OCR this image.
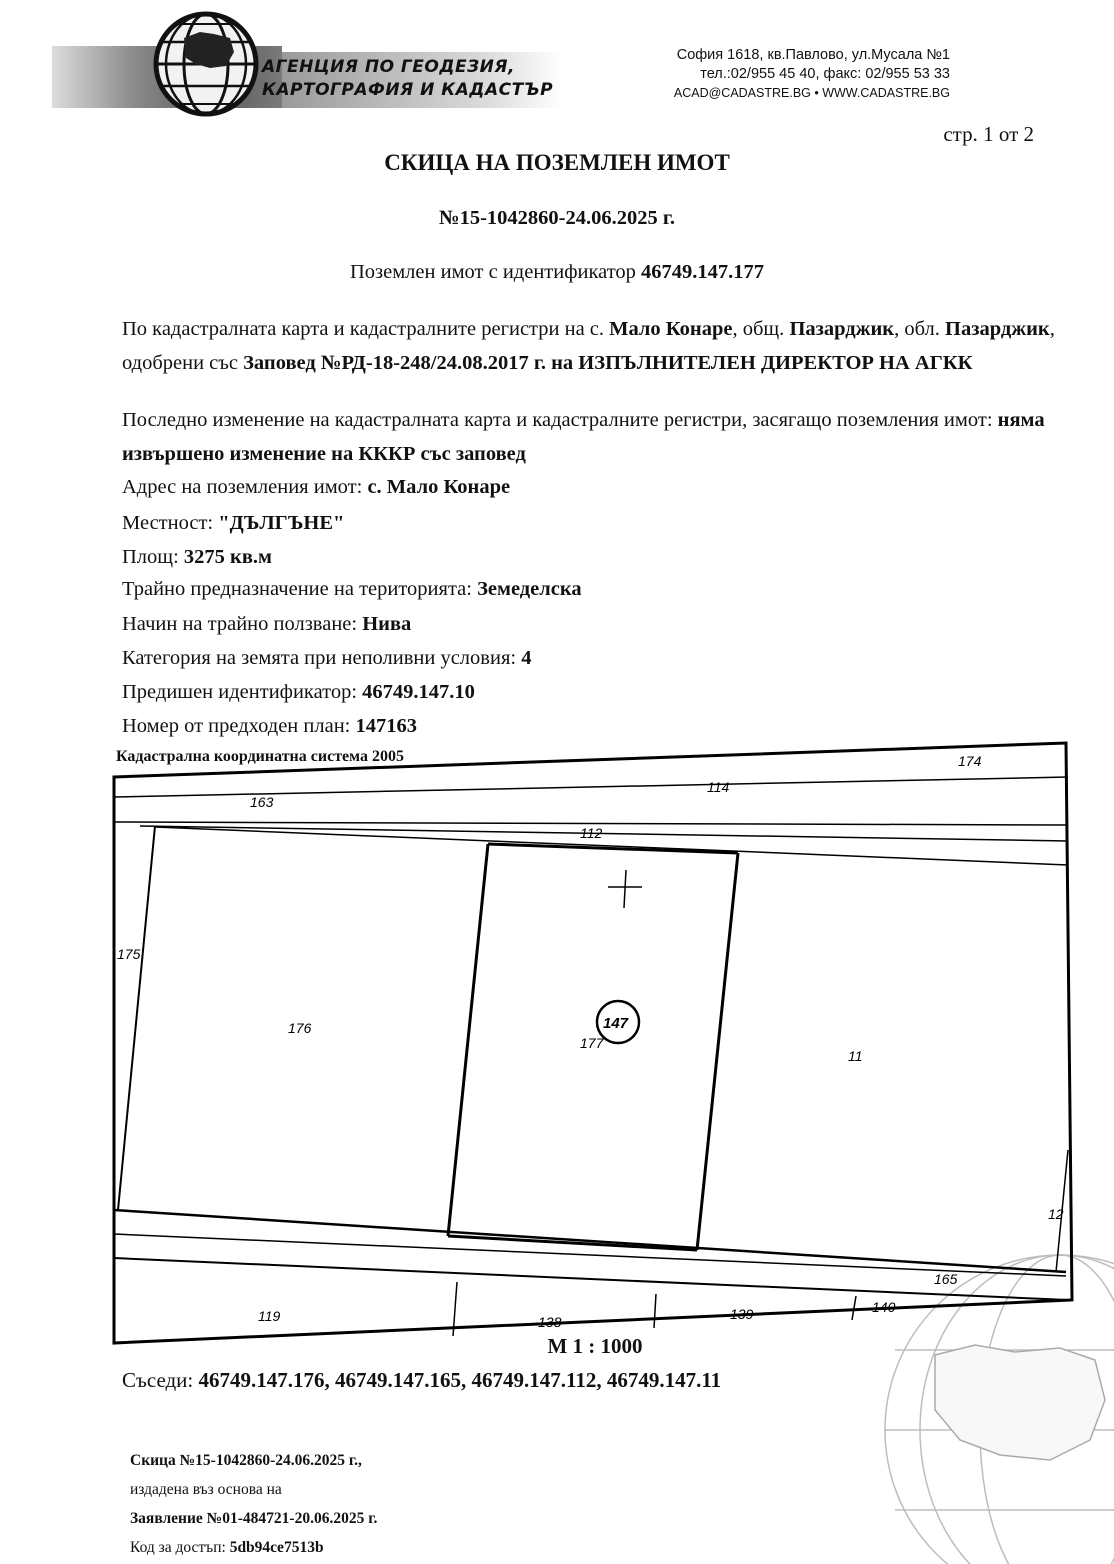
АГЕНЦИЯ ПО ГЕОДЕЗИЯ,
КАРТОГРАФИЯ И КАДАСТЪР
София 1618, кв.Павлово, ул.Мусала №1
тел.:02/955 45 40, факс: 02/955 53 33
ACAD@CADASTRE.BG • WWW.CADASTRE.BG
стр. 1 от 2
СКИЦА НА ПОЗЕМЛЕН ИМОТ
№15-1042860-24.06.2025 г.
Поземлен имот с идентификатор 46749.147.177
По кадастралната карта и кадастралните регистри на с. Мало Конаре, общ. Пазарджик, обл. Пазарджик, одобрени със Заповед №РД-18-248/24.08.2017 г. на ИЗПЪЛНИТЕЛЕН ДИРЕКТОР НА АГКК
Последно изменение на кадастралната карта и кадастралните регистри, засягащо поземления имот: няма извършено изменение на КККР със заповед
Адрес на поземления имот: с. Мало Конаре
Местност: "ДЪЛГЪНЕ"
Площ: 3275 кв.м
Трайно предназначение на територията: Земеделска
Начин на трайно ползване: Нива
Категория на земята при неполивни условия: 4
Предишен идентификатор: 46749.147.10
Номер от предходен план: 147163
Кадастрална координатна система 2005	174
114
163
112
175
176
177
147
11
12
165
119	138	139	140
М 1 : 1000
Съседи: 46749.147.176, 46749.147.165, 46749.147.112, 46749.147.11
Скица №15-1042860-24.06.2025 г.,
издадена въз основа на
Заявление №01-484721-20.06.2025 г.
Код за достъп: 5db94ce7513b
